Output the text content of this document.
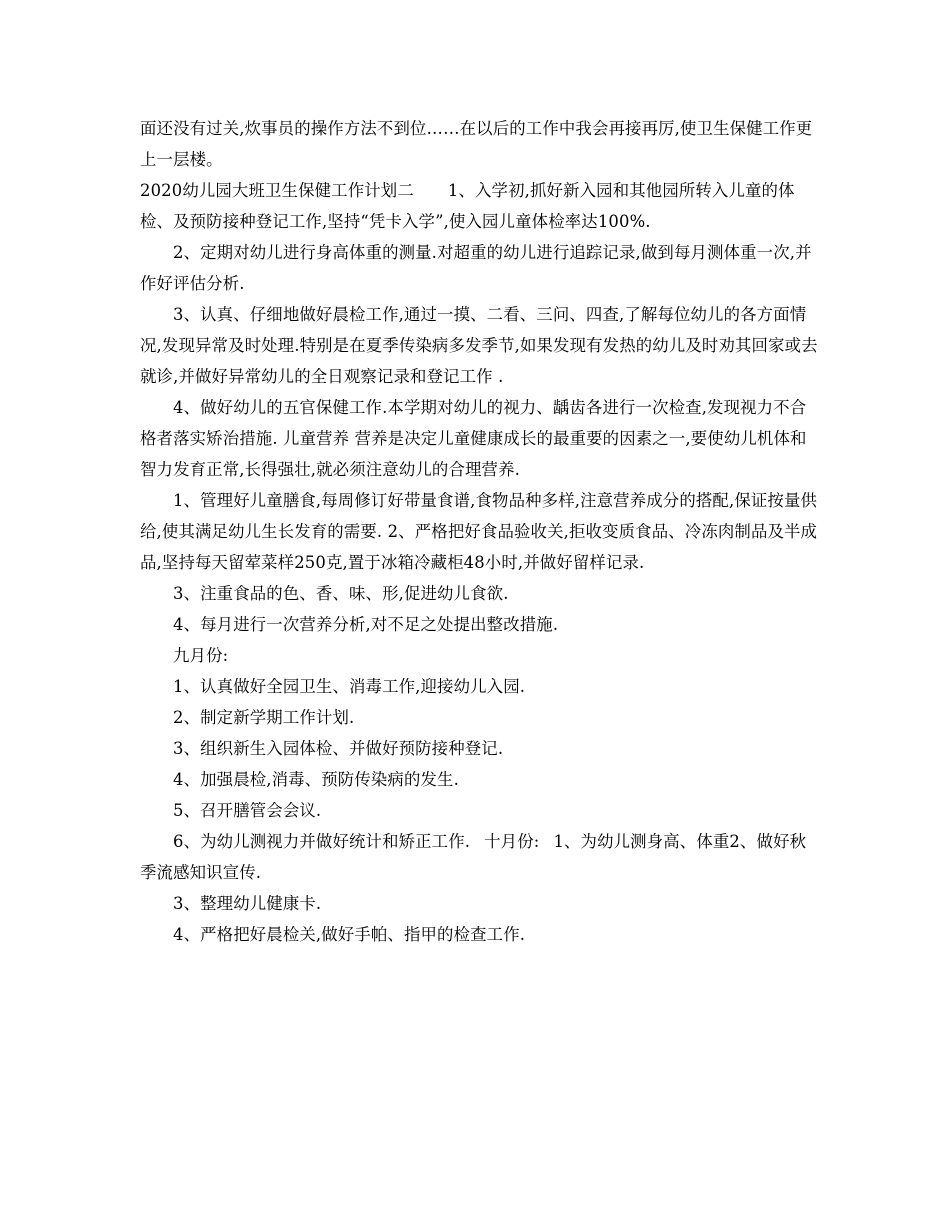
面还没有过关,炊事员的操作方法不到位……在以后的工作中我会再接再厉,使卫生保健工作更上一层楼。

2020幼儿园大班卫生保健工作计划二 1、入学初,抓好新入园和其他园所转入儿童的体检、及预防接种登记工作,坚持“凭卡入学”,使入园儿童体检率达100%.

2、定期对幼儿进行身高体重的测量.对超重的幼儿进行追踪记录,做到每月测体重一次,并作好评估分析.

3、认真、仔细地做好晨检工作,通过一摸、二看、三问、四查,了解每位幼儿的各方面情况,发现异常及时处理.特别是在夏季传染病多发季节,如果发现有发热的幼儿及时劝其回家或去就诊,并做好异常幼儿的全日观察记录和登记工作 .

4、做好幼儿的五官保健工作.本学期对幼儿的视力、龋齿各进行一次检查,发现视力不合格者落实矫治措施. 儿童营养 营养是决定儿童健康成长的最重要的因素之一,要使幼儿机体和智力发育正常,长得强壮,就必须注意幼儿的合理营养.

1、管理好儿童膳食,每周修订好带量食谱,食物品种多样,注意营养成分的搭配,保证按量供给,使其满足幼儿生长发育的需要. 2、严格把好食品验收关,拒收变质食品、冷冻肉制品及半成品,坚持每天留荤菜样250克,置于冰箱冷藏柜48小时,并做好留样记录.

3、注重食品的色、香、味、形,促进幼儿食欲.

4、每月进行一次营养分析,对不足之处提出整改措施.

九月份:

1、认真做好全园卫生、消毒工作,迎接幼儿入园.

2、制定新学期工作计划.

3、组织新生入园体检、并做好预防接种登记.

4、加强晨检,消毒、预防传染病的发生.

5、召开膳管会会议.

6、为幼儿测视力并做好统计和矫正工作. 十月份: 1、为幼儿测身高、体重2、做好秋季流感知识宣传.

3、整理幼儿健康卡.

4、严格把好晨检关,做好手帕、指甲的检查工作.
